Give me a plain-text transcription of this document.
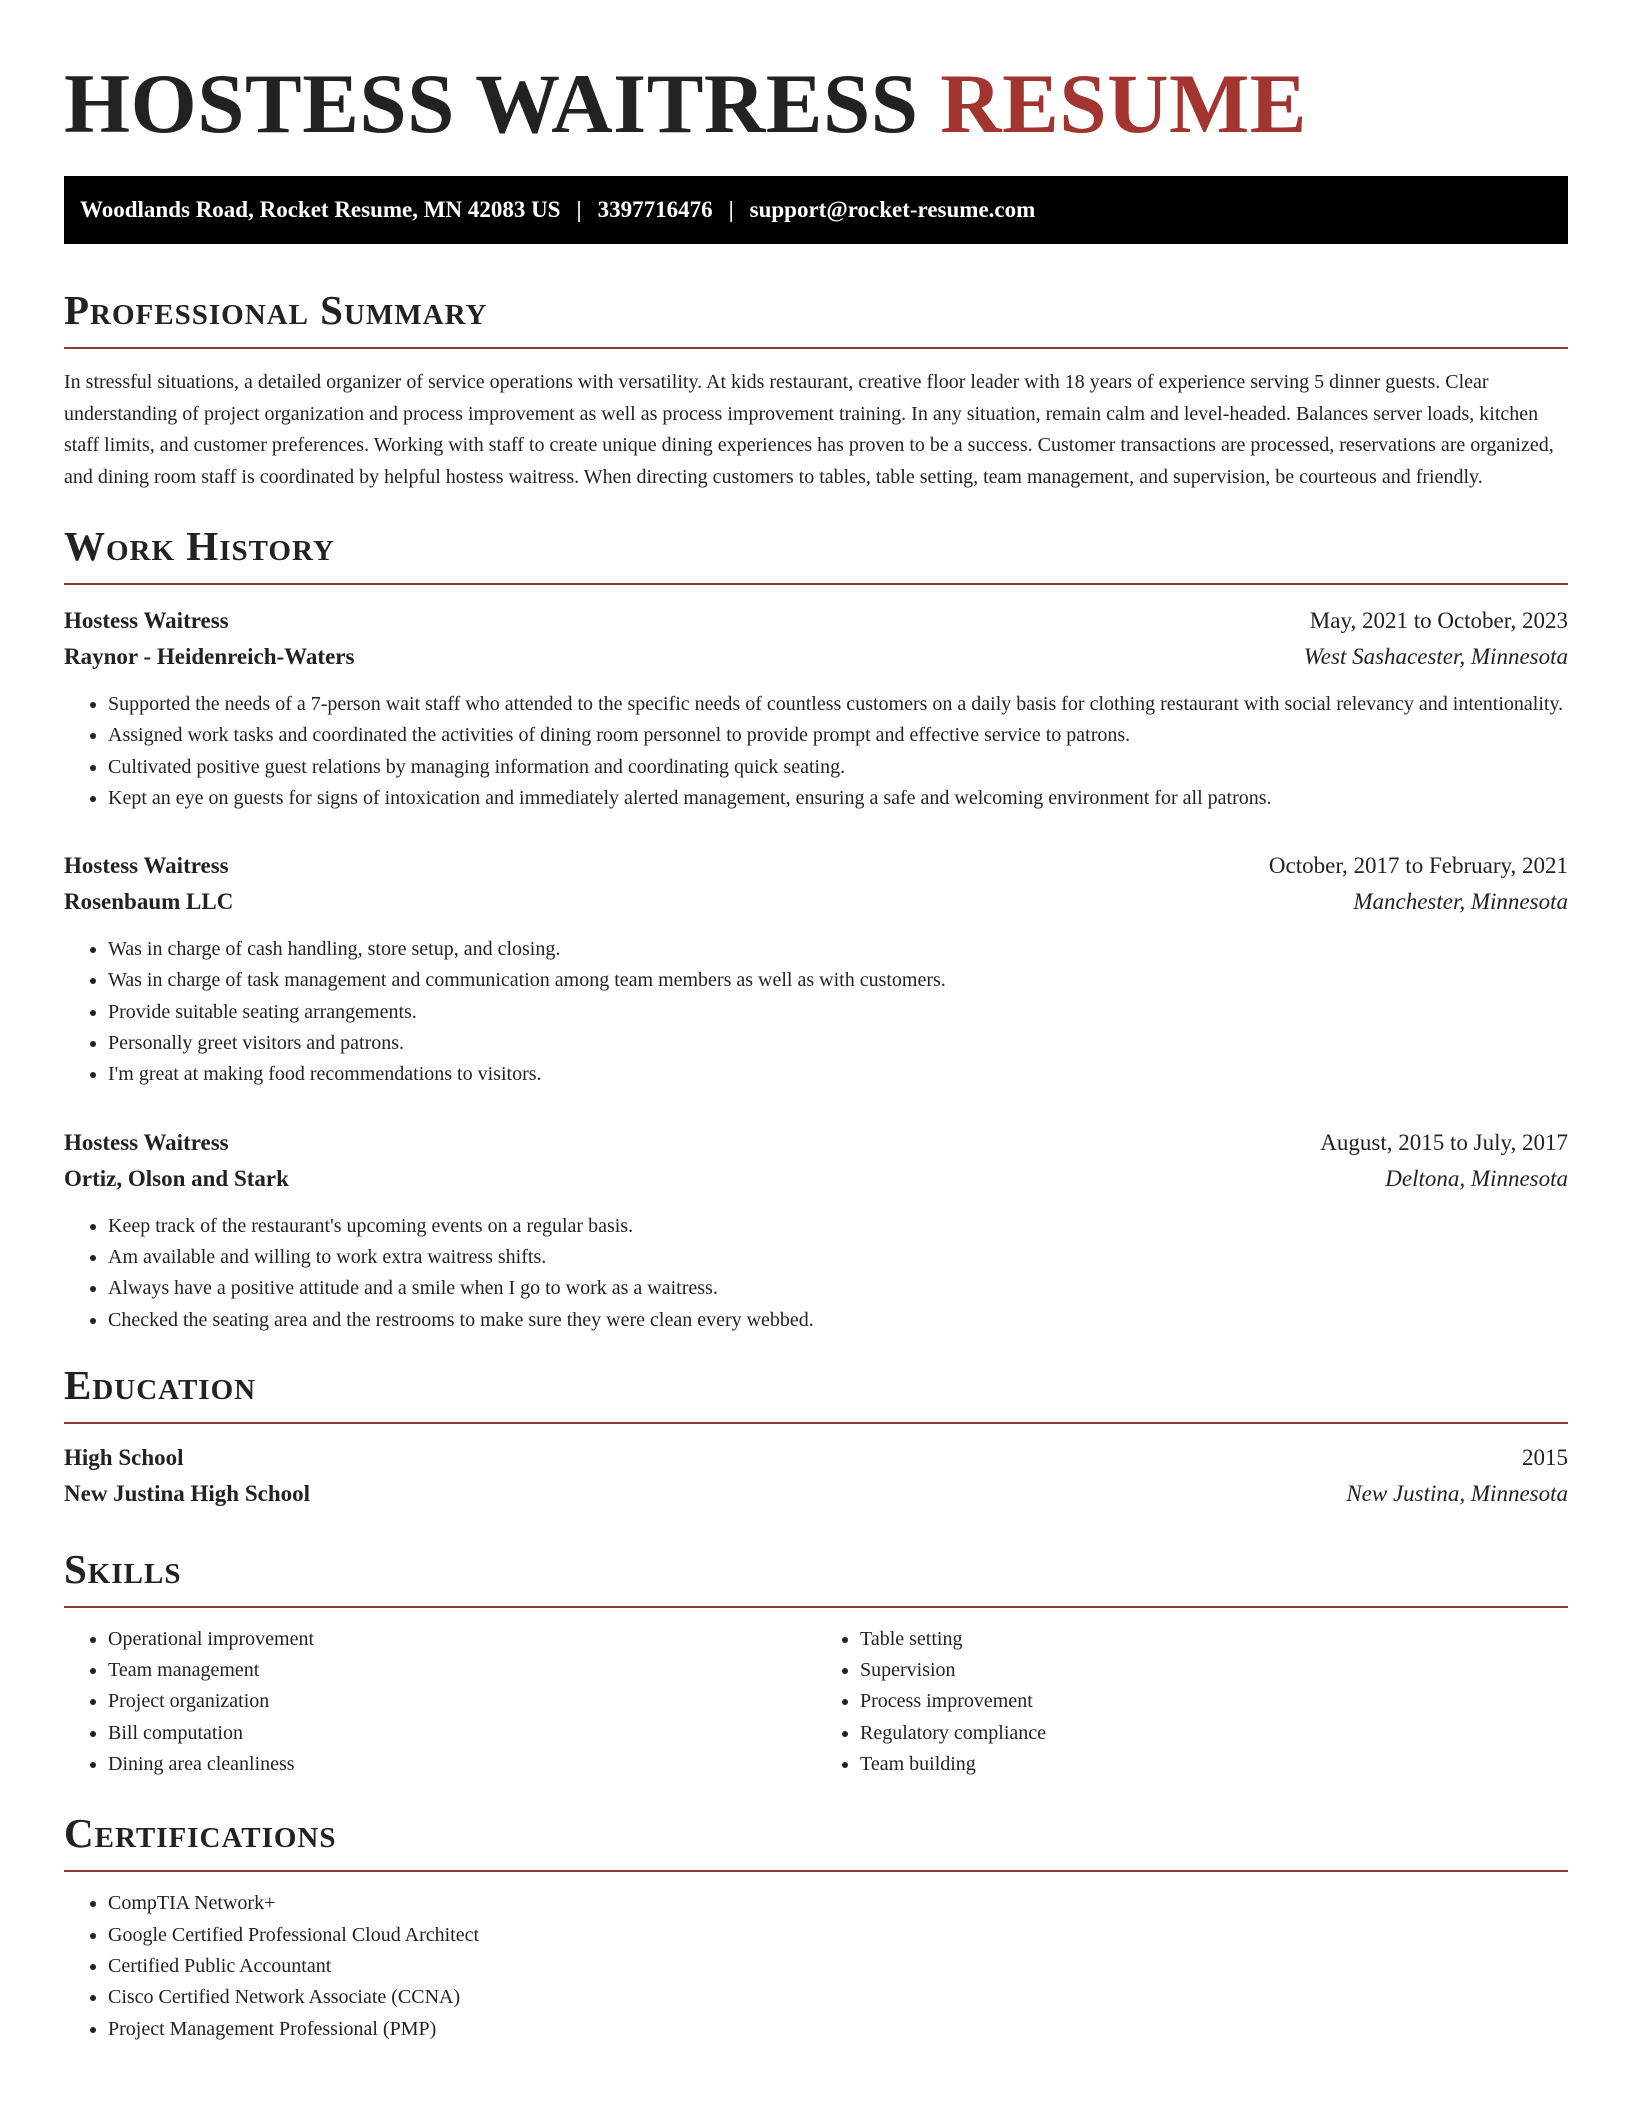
HOSTESS WAITRESS RESUME
Woodlands Road, Rocket Resume, MN 42083 US | 3397716476 | support@rocket-resume.com
Professional Summary

In stressful situations, a detailed organizer of service operations with versatility. At kids restaurant, creative floor leader with 18 years of experience serving 5 dinner guests. Clear understanding of project organization and process improvement as well as process improvement training. In any situation, remain calm and level-headed. Balances server loads, kitchen staff limits, and customer preferences. Working with staff to create unique dining experiences has proven to be a success. Customer transactions are processed, reservations are organized, and dining room staff is coordinated by helpful hostess waitress. When directing customers to tables, table setting, team management, and supervision, be courteous and friendly.

Work History
Hostess Waitress	May, 2021 to October, 2023
Raynor - Heidenreich-Waters	West Sashacester, Minnesota
• Supported the needs of a 7-person wait staff who attended to the specific needs of countless customers on a daily basis for clothing restaurant with social relevancy and intentionality.
• Assigned work tasks and coordinated the activities of dining room personnel to provide prompt and effective service to patrons.
• Cultivated positive guest relations by managing information and coordinating quick seating.
• Kept an eye on guests for signs of intoxication and immediately alerted management, ensuring a safe and welcoming environment for all patrons.
Hostess Waitress	October, 2017 to February, 2021
Rosenbaum LLC	Manchester, Minnesota
• Was in charge of cash handling, store setup, and closing.
• Was in charge of task management and communication among team members as well as with customers.
• Provide suitable seating arrangements.
• Personally greet visitors and patrons.
• I'm great at making food recommendations to visitors.
Hostess Waitress	August, 2015 to July, 2017
Ortiz, Olson and Stark	Deltona, Minnesota
• Keep track of the restaurant's upcoming events on a regular basis.
• Am available and willing to work extra waitress shifts.
• Always have a positive attitude and a smile when I go to work as a waitress.
• Checked the seating area and the restrooms to make sure they were clean every webbed.
Education
High School	2015
New Justina High School	New Justina, Minnesota
Skills
• Operational improvement
• Team management
• Project organization
• Bill computation
• Dining area cleanliness
• Table setting
• Supervision
• Process improvement
• Regulatory compliance
• Team building
Certifications
• CompTIA Network+
• Google Certified Professional Cloud Architect
• Certified Public Accountant
• Cisco Certified Network Associate (CCNA)
• Project Management Professional (PMP)
